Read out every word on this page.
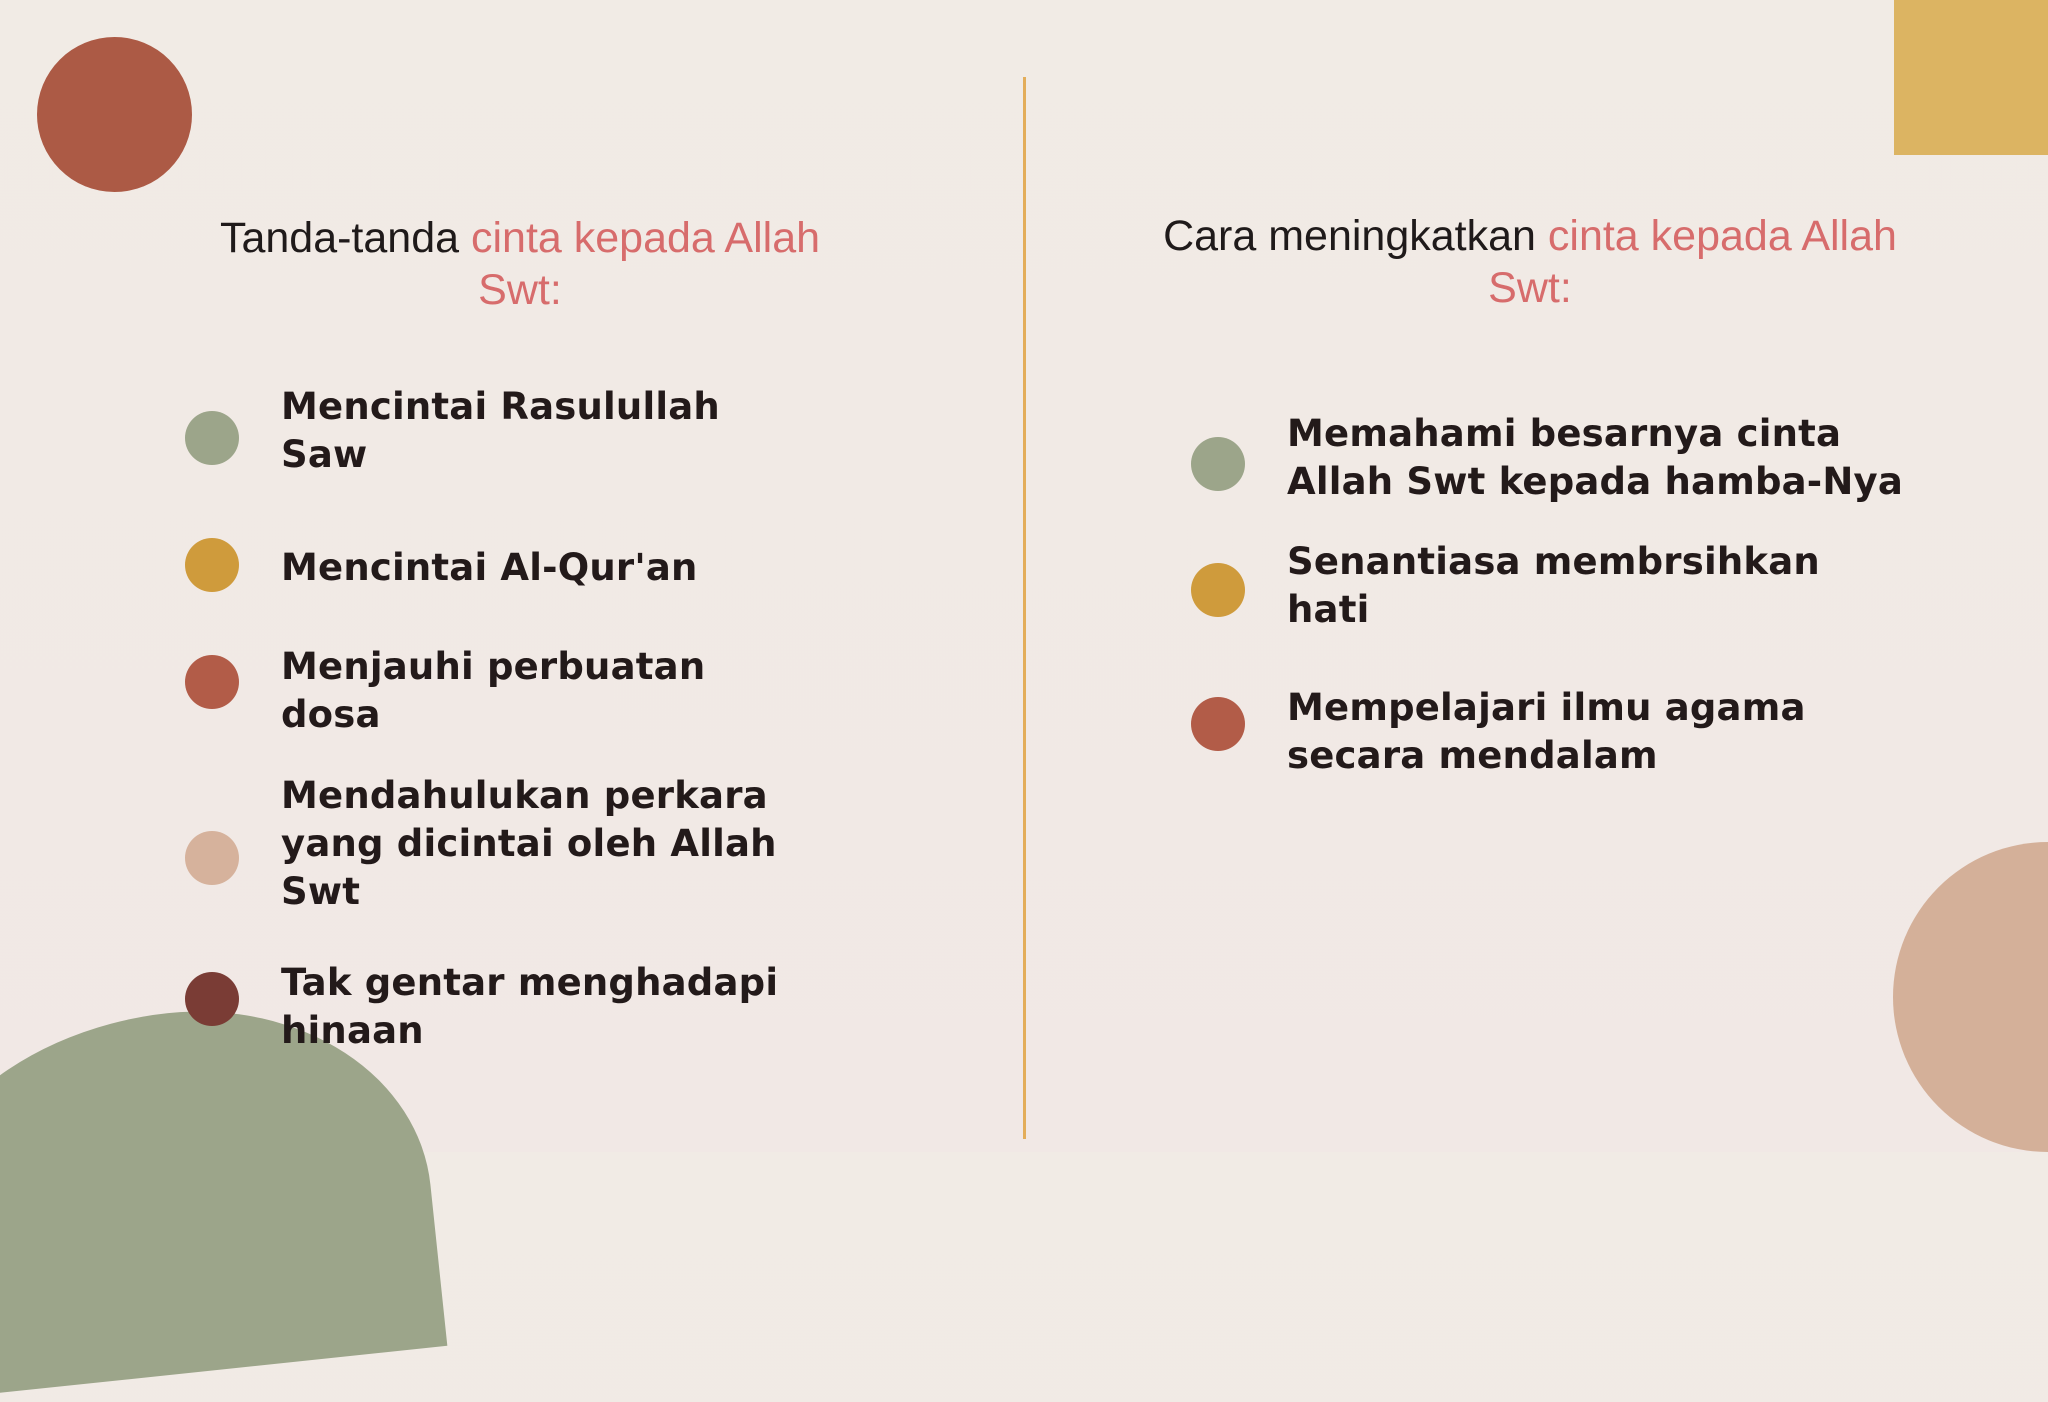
Tanda-tanda cinta kepada Allah Swt:
Cara meningkatkan cinta kepada Allah Swt:
Mencintai Rasulullah Saw
Mencintai Al-Qur'an
Menjauhi perbuatan dosa
Mendahulukan perkara yang dicintai oleh Allah Swt
Tak gentar menghadapi hinaan
Memahami besarnya cinta Allah Swt kepada hamba-Nya
Senantiasa membrsihkan hati
Mempelajari ilmu agama secara mendalam
